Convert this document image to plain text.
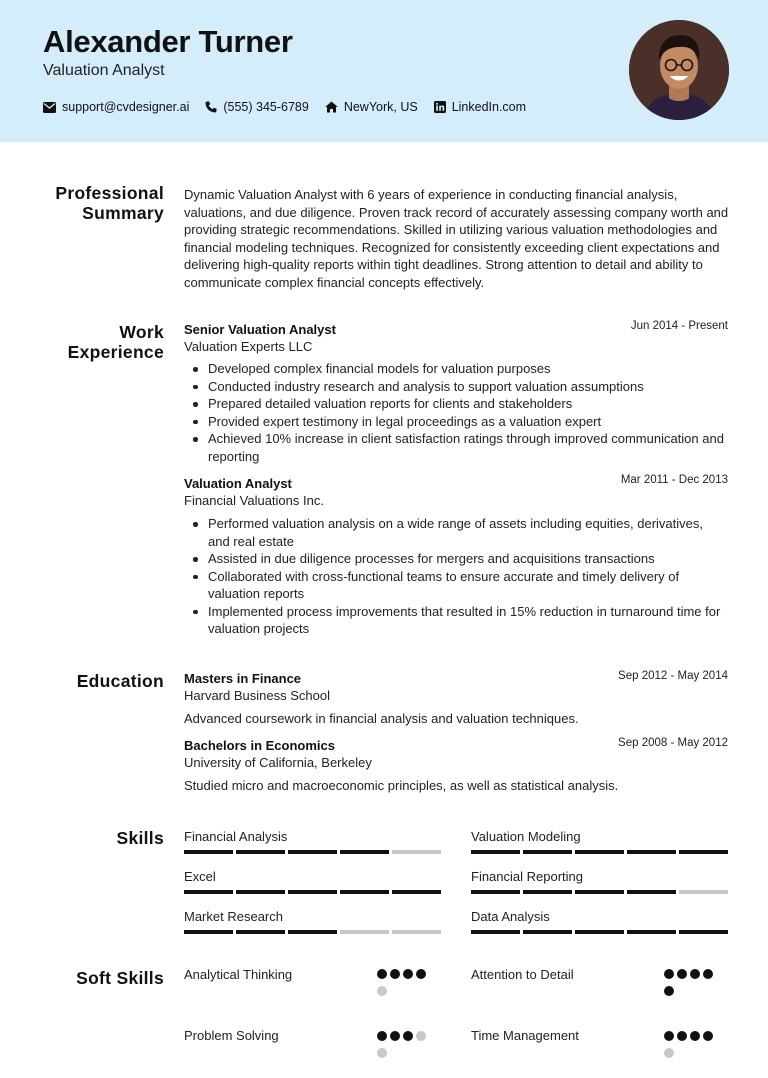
Alexander Turner
Valuation Analyst
support@cvdesigner.ai	(555) 345-6789	NewYork, US	LinkedIn.com
Professional
Summary
Dynamic Valuation Analyst with 6 years of experience in conducting financial analysis, valuations, and due diligence. Proven track record of accurately assessing company worth and providing strategic recommendations. Skilled in utilizing various valuation methodologies and financial modeling techniques. Recognized for consistently exceeding client expectations and delivering high-quality reports within tight deadlines. Strong attention to detail and ability to communicate complex financial concepts effectively.
Work
Experience
Senior Valuation Analyst	Jun 2014 - Present
Valuation Experts LLC
Developed complex financial models for valuation purposes
Conducted industry research and analysis to support valuation assumptions
Prepared detailed valuation reports for clients and stakeholders
Provided expert testimony in legal proceedings as a valuation expert
Achieved 10% increase in client satisfaction ratings through improved communication and reporting
Valuation Analyst	Mar 2011 - Dec 2013
Financial Valuations Inc.
Performed valuation analysis on a wide range of assets including equities, derivatives, and real estate
Assisted in due diligence processes for mergers and acquisitions transactions
Collaborated with cross-functional teams to ensure accurate and timely delivery of valuation reports
Implemented process improvements that resulted in 15% reduction in turnaround time for valuation projects
Education Masters in Finance	Sep 2012 - May 2014
Harvard Business School
Advanced coursework in financial analysis and valuation techniques.
Bachelors in Economics	Sep 2008 - May 2012
University of California, Berkeley
Studied micro and macroeconomic principles, as well as statistical analysis.
Skills Financial Analysis	Valuation Modeling
Excel	Financial Reporting
Market Research	Data Analysis
Soft Skills Analytical Thinking	Attention to Detail
Problem Solving	Time Management
